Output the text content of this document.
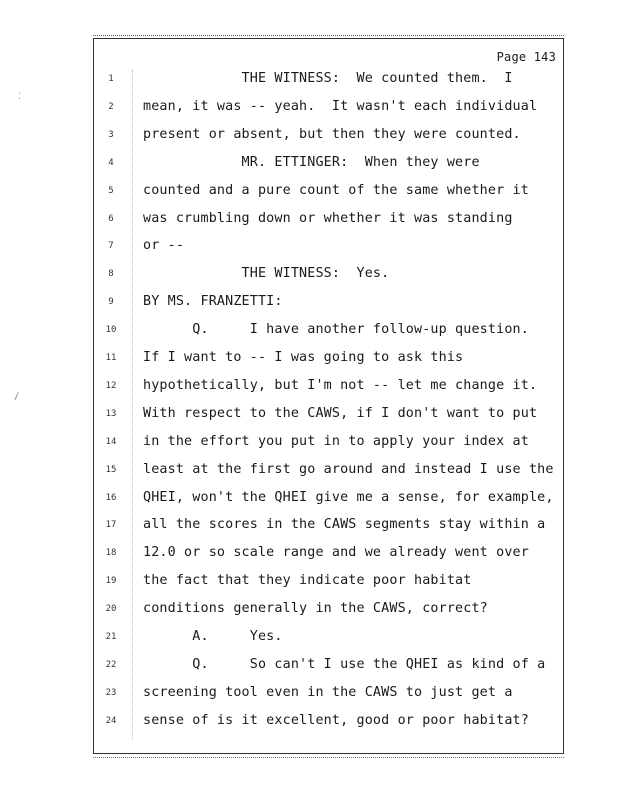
Page 143
⁚
/
1	THE WITNESS:  We counted them.  I
2	mean, it was -- yeah.  It wasn't each individual
3	present or absent, but then they were counted.
4	MR. ETTINGER:  When they were
5	counted and a pure count of the same whether it
6	was crumbling down or whether it was standing
7	or --
8	THE WITNESS:  Yes.
9	BY MS. FRANZETTI:
10	Q.     I have another follow-up question.
11	If I want to -- I was going to ask this
12	hypothetically, but I'm not -- let me change it.
13	With respect to the CAWS, if I don't want to put
14	in the effort you put in to apply your index at
15	least at the first go around and instead I use the
16	QHEI, won't the QHEI give me a sense, for example,
17	all the scores in the CAWS segments stay within a
18	12.0 or so scale range and we already went over
19	the fact that they indicate poor habitat
20	conditions generally in the CAWS, correct?
21	A.     Yes.
22	Q.     So can't I use the QHEI as kind of a
23	screening tool even in the CAWS to just get a
24	sense of is it excellent, good or poor habitat?
